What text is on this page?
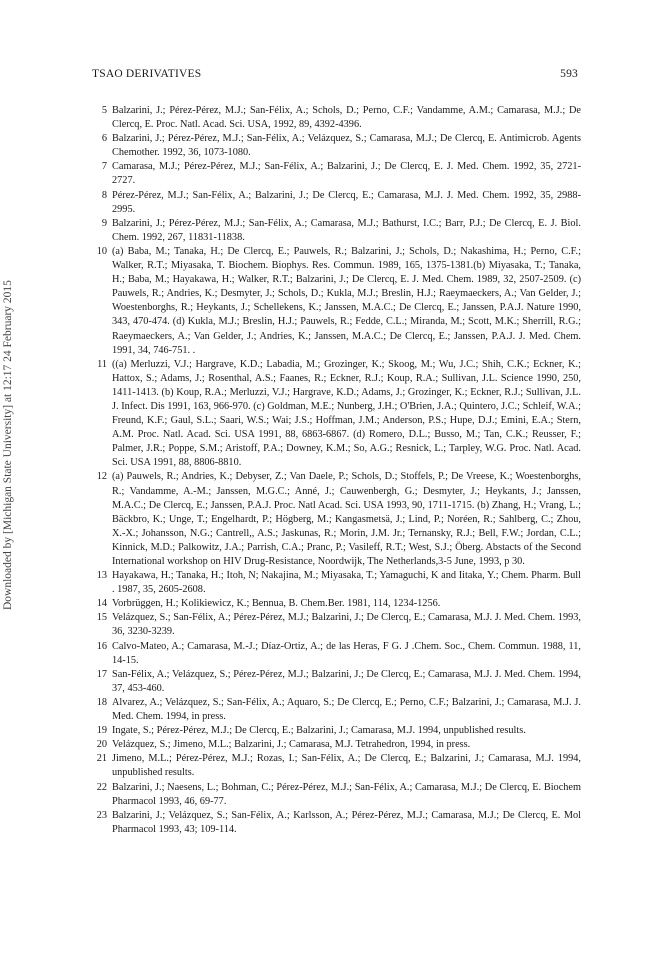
TSAO DERIVATIVES	593
Downloaded by [Michigan State University] at 12:17 24 February 2015

5 Balzarini, J.; Pérez-Pérez, M.J.; San-Félix, A.; Schols, D.; Perno, C.F.; Vandamme, A.M.; Camarasa, M.J.; De Clercq, E. Proc. Natl. Acad. Sci. USA, 1992, 89, 4392-4396.

6 Balzarini, J.; Pérez-Pérez, M.J.; San-Félix, A.; Velázquez, S.; Camarasa, M.J.; De Clercq, E. Antimicrob. Agents Chemother. 1992, 36, 1073-1080.

7 Camarasa, M.J.; Pérez-Pérez, M.J.; San-Félix, A.; Balzarini, J.; De Clercq, E. J. Med. Chem. 1992, 35, 2721-2727.

8 Pérez-Pérez, M.J.; San-Félix, A.; Balzarini, J.; De Clercq, E.; Camarasa, M.J. J. Med. Chem. 1992, 35, 2988-2995.

9 Balzarini, J.; Pérez-Pérez, M.J.; San-Félix, A.; Camarasa, M.J.; Bathurst, I.C.; Barr, P.J.; De Clercq, E. J. Biol. Chem. 1992, 267, 11831-11838.

10 (a) Baba, M.; Tanaka, H.; De Clercq, E.; Pauwels, R.; Balzarini, J.; Schols, D.; Nakashima, H.; Perno, C.F.; Walker, R.T.; Miyasaka, T. Biochem. Biophys. Res. Commun. 1989, 165, 1375-1381.(b) Miyasaka, T.; Tanaka, H.; Baba, M.; Hayakawa, H.; Walker, R.T.; Balzarini, J.; De Clercq, E. J. Med. Chem. 1989, 32, 2507-2509. (c) Pauwels, R.; Andries, K.; Desmyter, J.; Schols, D.; Kukla, M.J.; Breslin, H.J.; Raeymaeckers, A.; Van Gelder, J.; Woestenborghs, R.; Heykants, J.; Schellekens, K.; Janssen, M.A.C.; De Clercq, E.; Janssen, P.A.J. Nature 1990, 343, 470-474. (d) Kukla, M.J.; Breslin, H.J.; Pauwels, R.; Fedde, C.L.; Miranda, M.; Scott, M.K.; Sherrill, R.G.; Raeymaeckers, A.; Van Gelder, J.; Andries, K.; Janssen, M.A.C.; De Clercq, E.; Janssen, P.A.J. J. Med. Chem. 1991, 34, 746-751. .

11 ((a) Merluzzi, V.J.; Hargrave, K.D.; Labadia, M.; Grozinger, K.; Skoog, M.; Wu, J.C.; Shih, C.K.; Eckner, K.; Hattox, S.; Adams, J.; Rosenthal, A.S.; Faanes, R.; Eckner, R.J.; Koup, R.A.; Sullivan, J.L. Science 1990, 250, 1411-1413. (b) Koup, R.A.; Merluzzi, V.J.; Hargrave, K.D.; Adams, J.; Grozinger, K.; Eckner, R.J.; Sullivan, J.L. J. Infect. Dis 1991, 163, 966-970. (c) Goldman, M.E.; Nunberg, J.H.; O'Brien, J.A.; Quintero, J.C.; Schleif, W.A.; Freund, K.F.; Gaul, S.L.; Saari, W.S.; Wai; J.S.; Hoffman, J.M.; Anderson, P.S.; Hupe, D.J.; Emini, E.A.; Stern, A.M. Proc. Natl. Acad. Sci. USA 1991, 88, 6863-6867. (d) Romero, D.L.; Busso, M.; Tan, C.K.; Reusser, F.; Palmer, J.R.; Poppe, S.M.; Aristoff, P.A.; Downey, K.M.; So, A.G.; Resnick, L.; Tarpley, W.G. Proc. Natl. Acad. Sci. USA 1991, 88, 8806-8810.

12 (a) Pauwels, R.; Andries, K.; Debyser, Z.; Van Daele, P.; Schols, D.; Stoffels, P.; De Vreese, K.; Woestenborghs, R.; Vandamme, A.-M.; Janssen, M.G.C.; Anné, J.; Cauwenbergh, G.; Desmyter, J.; Heykants, J.; Janssen, M.A.C.; De Clercq, E.; Janssen, P.A.J. Proc. Natl Acad. Sci. USA 1993, 90, 1711-1715. (b) Zhang, H.; Vrang, L.; Bäckbro, K.; Unge, T.; Engelhardt, P.; Högberg, M.; Kangasmetsä, J.; Lind, P.; Noréen, R.; Sahlberg, C.; Zhou, X.-X.; Johansson, N.G.; Cantrell,, A.S.; Jaskunas, R.; Morin, J.M. Jr.; Ternansky, R.J.; Bell, F.W.; Jordan, C.L.; Kinnick, M.D.; Palkowitz, J.A.; Parrish, C.A.; Pranc, P.; Vasileff, R.T.; West, S.J.; Öberg. Abstacts of the Second International workshop on HIV Drug-Resistance, Noordwijk, The Netherlands,3-5 June, 1993, p 30.

13 Hayakawa, H.; Tanaka, H.; Itoh, N; Nakajina, M.; Miyasaka, T.; Yamaguchi, K and Iitaka, Y.; Chem. Pharm. Bull . 1987, 35, 2605-2608.

14 Vorbrüggen, H.; Kolikiewicz, K.; Bennua, B. Chem.Ber. 1981, 114, 1234-1256.

15 Velázquez, S.; San-Félix, A.; Pérez-Pérez, M.J.; Balzarini, J.; De Clercq, E.; Camarasa, M.J. J. Med. Chem. 1993, 36, 3230-3239.

16 Calvo-Mateo, A.; Camarasa, M.-J.; Díaz-Ortiz, A.; de las Heras, F G. J .Chem. Soc., Chem. Commun. 1988, 11, 14-15.

17 San-Félix, A.; Velázquez, S.; Pérez-Pérez, M.J.; Balzarini, J.; De Clercq, E.; Camarasa, M.J. J. Med. Chem. 1994, 37, 453-460.

18 Alvarez, A.; Velázquez, S.; San-Félix, A.; Aquaro, S.; De Clercq, E.; Perno, C.F.; Balzarini, J.; Camarasa, M.J. J. Med. Chem. 1994, in press.

19 Ingate, S.; Pérez-Pérez, M.J.; De Clercq, E.; Balzarini, J.; Camarasa, M.J. 1994, unpublished results.

20 Velázquez, S.; Jimeno, M.L.; Balzarini, J.; Camarasa, M.J. Tetrahedron, 1994, in press.

21 Jimeno, M.L.; Pérez-Pérez, M.J.; Rozas, I.; San-Félix, A.; De Clercq, E.; Balzarini, J.; Camarasa, M.J. 1994, unpublished results.

22 Balzarini, J.; Naesens, L.; Bohman, C.; Pérez-Pérez, M.J.; San-Félix, A.; Camarasa, M.J.; De Clercq, E. Biochem Pharmacol 1993, 46, 69-77.

23 Balzarini, J.; Velázquez, S.; San-Félix, A.; Karlsson, A.; Pérez-Pérez, M.J.; Camarasa, M.J.; De Clercq, E. Mol Pharmacol 1993, 43; 109-114.
